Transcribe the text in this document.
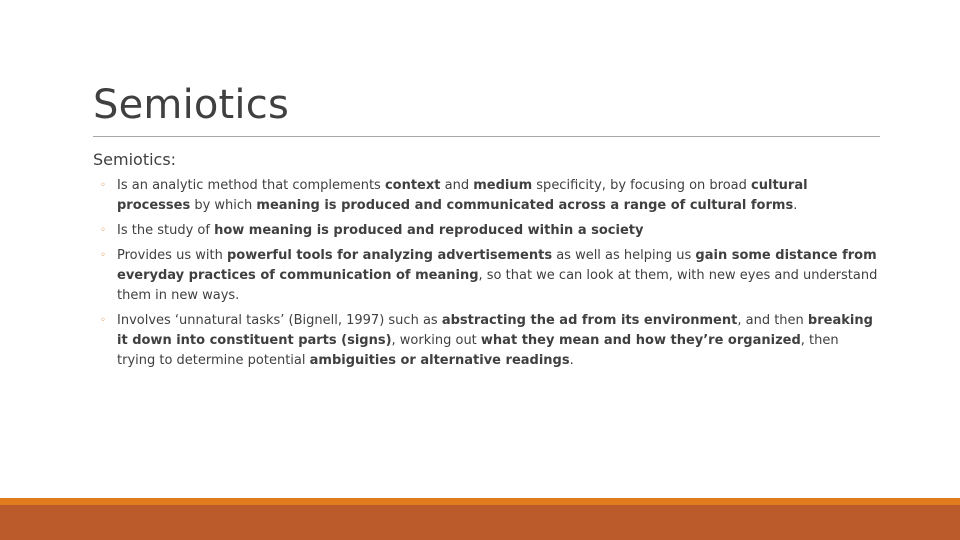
Semiotics

Semiotics:

◦ Is an analytic method that complements context and medium specificity, by focusing on broad cultural processes by which meaning is produced and communicated across a range of cultural forms.
◦ Is the study of how meaning is produced and reproduced within a society
◦ Provides us with powerful tools for analyzing advertisements as well as helping us gain some distance from everyday practices of communication of meaning, so that we can look at them, with new eyes and understand them in new ways.
◦ Involves ‘unnatural tasks’ (Bignell, 1997) such as abstracting the ad from its environment, and then breaking it down into constituent parts (signs), working out what they mean and how they’re organized, then trying to determine potential ambiguities or alternative readings.
